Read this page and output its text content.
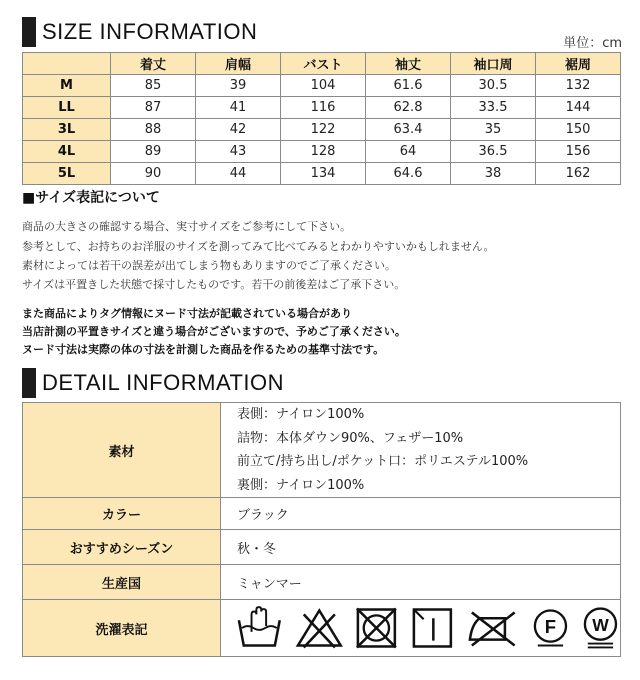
SIZE INFORMATION	単位：cm
	着丈	肩幅	バスト	袖丈	袖口周	裾周
M	85	39	104	61.6	30.5	132
LL	87	41	116	62.8	33.5	144
3L	88	42	122	63.4	35	150
4L	89	43	128	64	36.5	156
5L	90	44	134	64.6	38	162
■サイズ表記について
商品の大きさの確認する場合、実寸サイズをご参考にして下さい。
参考として、お持ちのお洋服のサイズを測ってみて比べてみるとわかりやすいかもしれません。
素材によっては若干の誤差が出てしまう物もありますのでご了承ください。
サイズは平置きした状態で採寸したものです。若干の前後差はご了承下さい。
また商品によりタグ情報にヌード寸法が記載されている場合があり
当店計測の平置きサイズと違う場合がございますので、予めご了承ください。
ヌード寸法は実際の体の寸法を計測した商品を作るための基準寸法です。
DETAIL INFORMATION
素材	表側：ナイロン100%
詰物：本体ダウン90%、フェザー10%
前立て/持ち出し/ポケット口：ポリエステル100%
裏側：ナイロン100%

カラー	ブラック
おすすめシーズン	秋・冬
生産国	ミャンマー
洗濯表記	F W
